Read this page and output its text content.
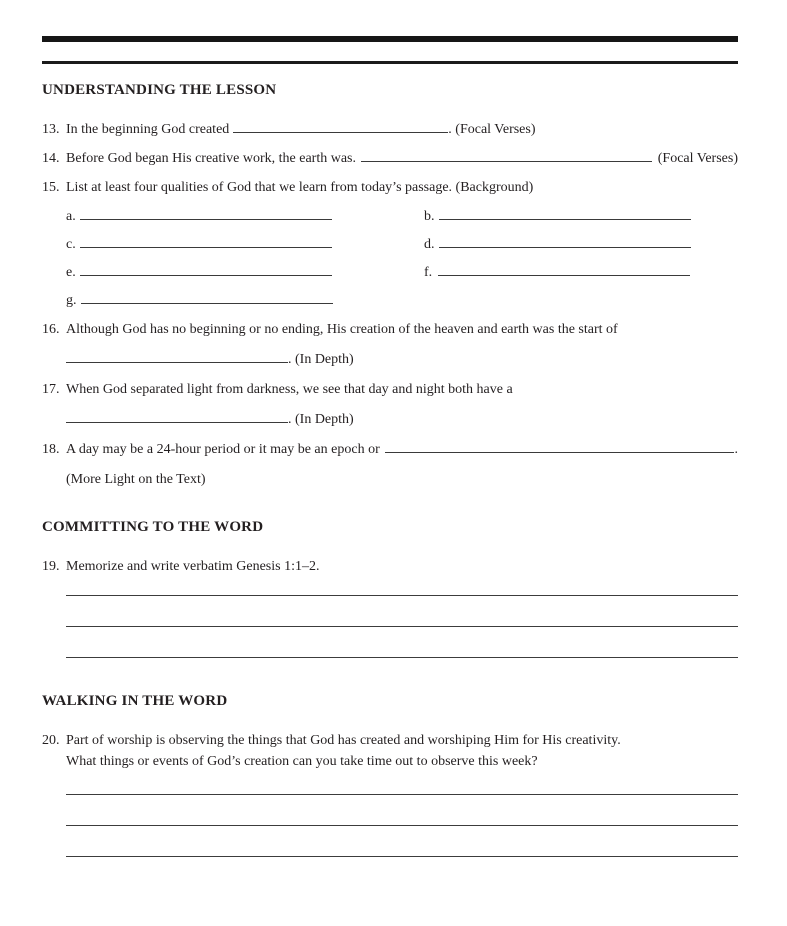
UNDERSTANDING THE LESSON
13. In the beginning God created	. (Focal Verses)
14. Before God began His creative work, the earth was.	(Focal Verses)
15. List at least four qualities of God that we learn from today’s passage. (Background)
a.	b.
c.	d.
e.	f.
g.
16. Although God has no beginning or no ending, His creation of the heaven and earth was the start of
. (In Depth)
17. When God separated light from darkness, we see that day and night both have a
. (In Depth)
18. A day may be a 24-hour period or it may be an epoch or	.
(More Light on the Text)
COMMITTING TO THE WORD
19. Memorize and write verbatim Genesis 1:1–2.
WALKING IN THE WORD
20. Part of worship is observing the things that God has created and worshiping Him for His creativity.
What things or events of God’s creation can you take time out to observe this week?
